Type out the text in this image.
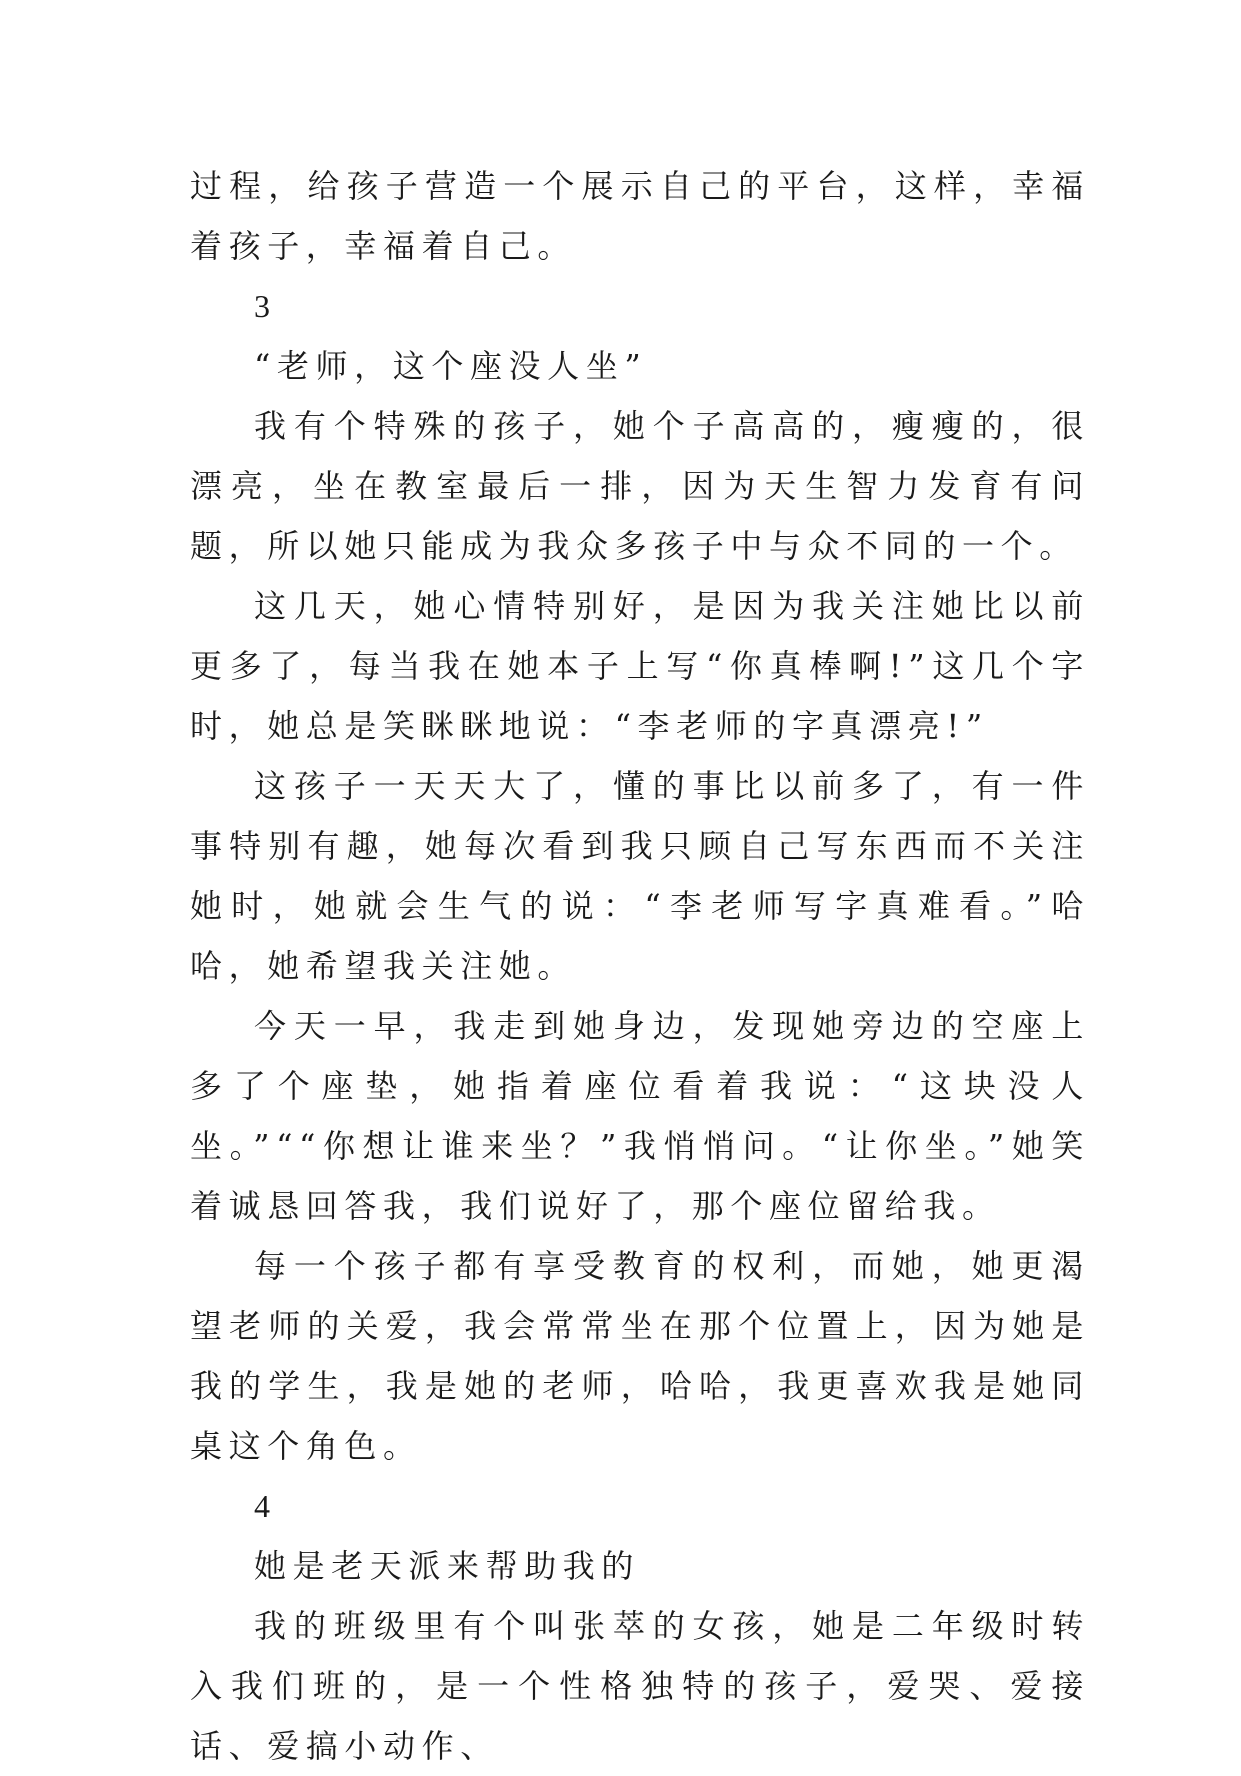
过程，给孩子营造一个展示自己的平台，这样，幸福着孩子，幸福着自己。

3

“老师，这个座没人坐”

我有个特殊的孩子，她个子高高的，瘦瘦的，很漂亮，坐在教室最后一排，因为天生智力发育有问题，所以她只能成为我众多孩子中与众不同的一个。

这几天，她心情特别好，是因为我关注她比以前更多了，每当我在她本子上写“你真棒啊!”这几个字时，她总是笑眯眯地说：“李老师的字真漂亮!”

这孩子一天天大了，懂的事比以前多了，有一件事特别有趣，她每次看到我只顾自己写东西而不关注她时，她就会生气的说：“李老师写字真难看。”哈哈，她希望我关注她。

今天一早，我走到她身边，发现她旁边的空座上多了个座垫，她指着座位看着我说：“这块没人坐。”““你想让谁来坐？”我悄悄问。“让你坐。”她笑着诚恳回答我，我们说好了，那个座位留给我。

每一个孩子都有享受教育的权利，而她，她更渴望老师的关爱，我会常常坐在那个位置上，因为她是我的学生，我是她的老师，哈哈，我更喜欢我是她同桌这个角色。

4

她是老天派来帮助我的

我的班级里有个叫张萃的女孩，她是二年级时转入我们班的，是一个性格独特的孩子，爱哭、爱接话、爱搞小动作、
